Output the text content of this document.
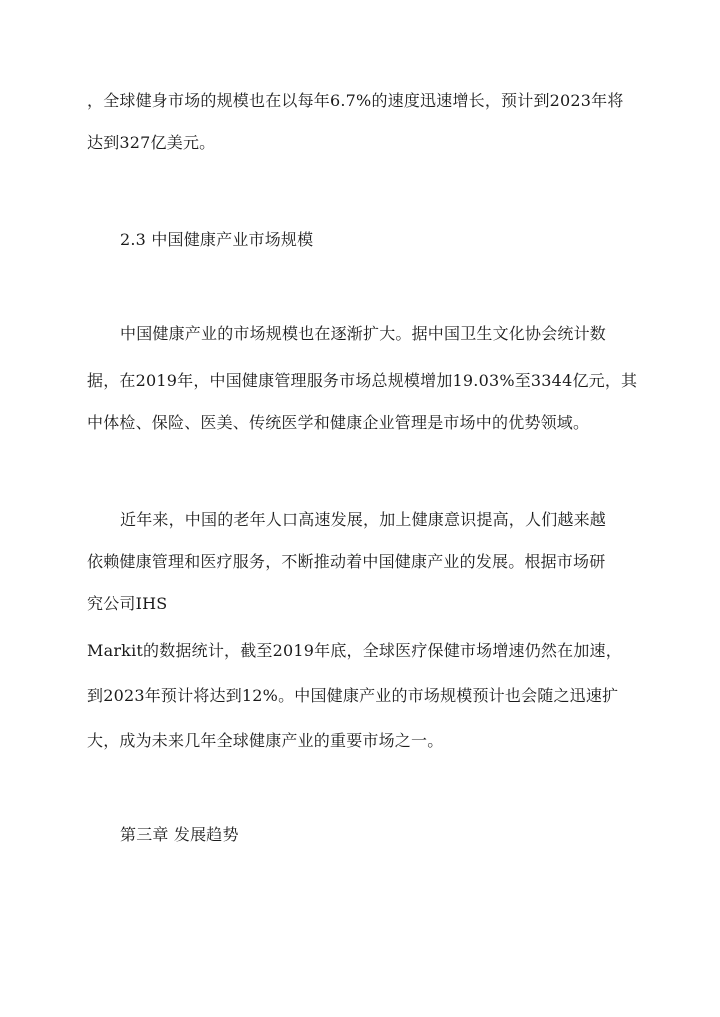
，全球健身市场的规模也在以每年6.7%的速度迅速增长，预计到2023年将
达到327亿美元。
2.3 中国健康产业市场规模
中国健康产业的市场规模也在逐渐扩大。据中国卫生文化协会统计数
据，在2019年，中国健康管理服务市场总规模增加19.03%至3344亿元，其
中体检、保险、医美、传统医学和健康企业管理是市场中的优势领域。
近年来，中国的老年人口高速发展，加上健康意识提高，人们越来越
依赖健康管理和医疗服务，不断推动着中国健康产业的发展。根据市场研
究公司IHS
Markit的数据统计，截至2019年底，全球医疗保健市场增速仍然在加速，
到2023年预计将达到12%。中国健康产业的市场规模预计也会随之迅速扩
大，成为未来几年全球健康产业的重要市场之一。
第三章 发展趋势
